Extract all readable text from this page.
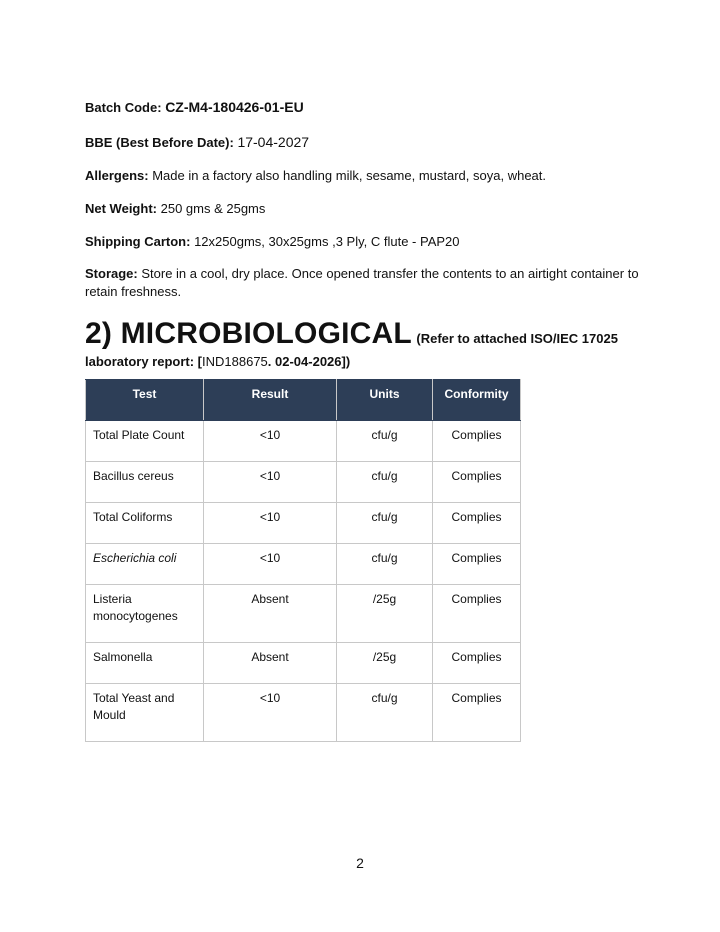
Batch Code: CZ-M4-180426-01-EU
BBE (Best Before Date): 17-04-2027
Allergens: Made in a factory also handling milk, sesame, mustard, soya, wheat.
Net Weight: 250 gms & 25gms
Shipping Carton: 12x250gms, 30x25gms ,3 Ply, C flute - PAP20
Storage: Store in a cool, dry place. Once opened transfer the contents to an airtight container to retain freshness.
2) MICROBIOLOGICAL (Refer to attached ISO/IEC 17025 laboratory report: [IND188675. 02-04-2026])
Test	Result	Units	Conformity
Total Plate Count	<10	cfu/g	Complies
Bacillus cereus	<10	cfu/g	Complies
Total Coliforms	<10	cfu/g	Complies
Escherichia coli	<10	cfu/g	Complies
Listeria monocytogenes	Absent	/25g	Complies
Salmonella	Absent	/25g	Complies
Total Yeast and Mould	<10	cfu/g	Complies
2
